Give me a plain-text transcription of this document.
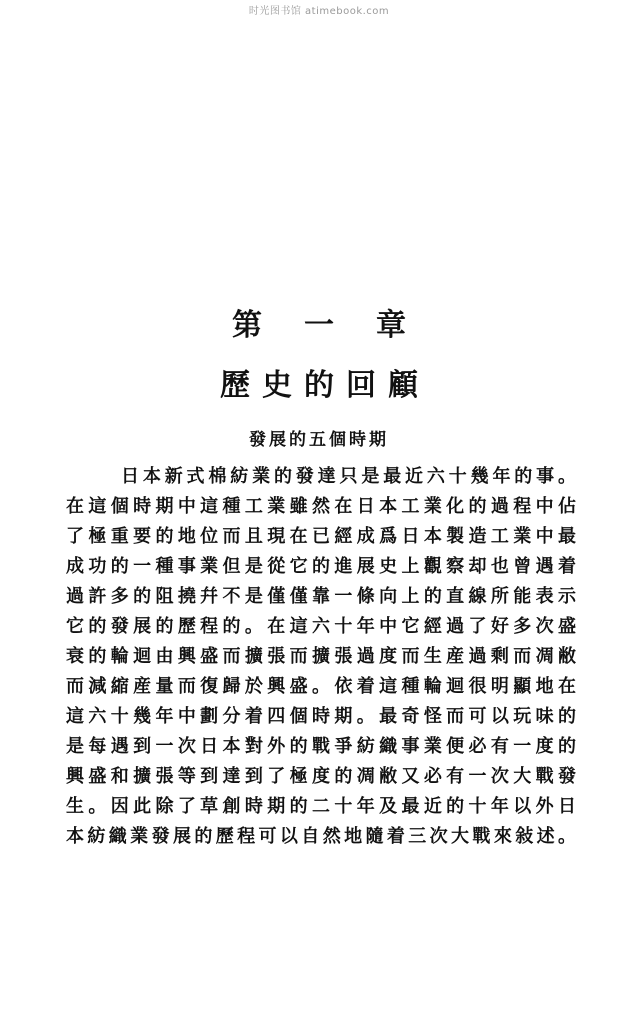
时光图书馆 atimebook.com
第一章
歷史的回顧
發展的五個時期
日本新式棉紡業的發達只是最近六十幾年的事。
在這個時期中這種工業雖然在日本工業化的過程中佔
了極重要的地位而且現在已經成爲日本製造工業中最
成功的一種事業但是從它的進展史上觀察却也曾遇着
過許多的阻撓幷不是僅僅靠一條向上的直線所能表示
它的發展的歷程的。在這六十年中它經過了好多次盛
衰的輪迴由興盛而擴張而擴張過度而生産過剩而凋敝
而減縮産量而復歸於興盛。依着這種輪迴很明顯地在
這六十幾年中劃分着四個時期。最奇怪而可以玩味的
是每遇到一次日本對外的戰爭紡織事業便必有一度的
興盛和擴張等到達到了極度的凋敝又必有一次大戰發
生。因此除了草創時期的二十年及最近的十年以外日
本紡織業發展的歷程可以自然地隨着三次大戰來敍述。
